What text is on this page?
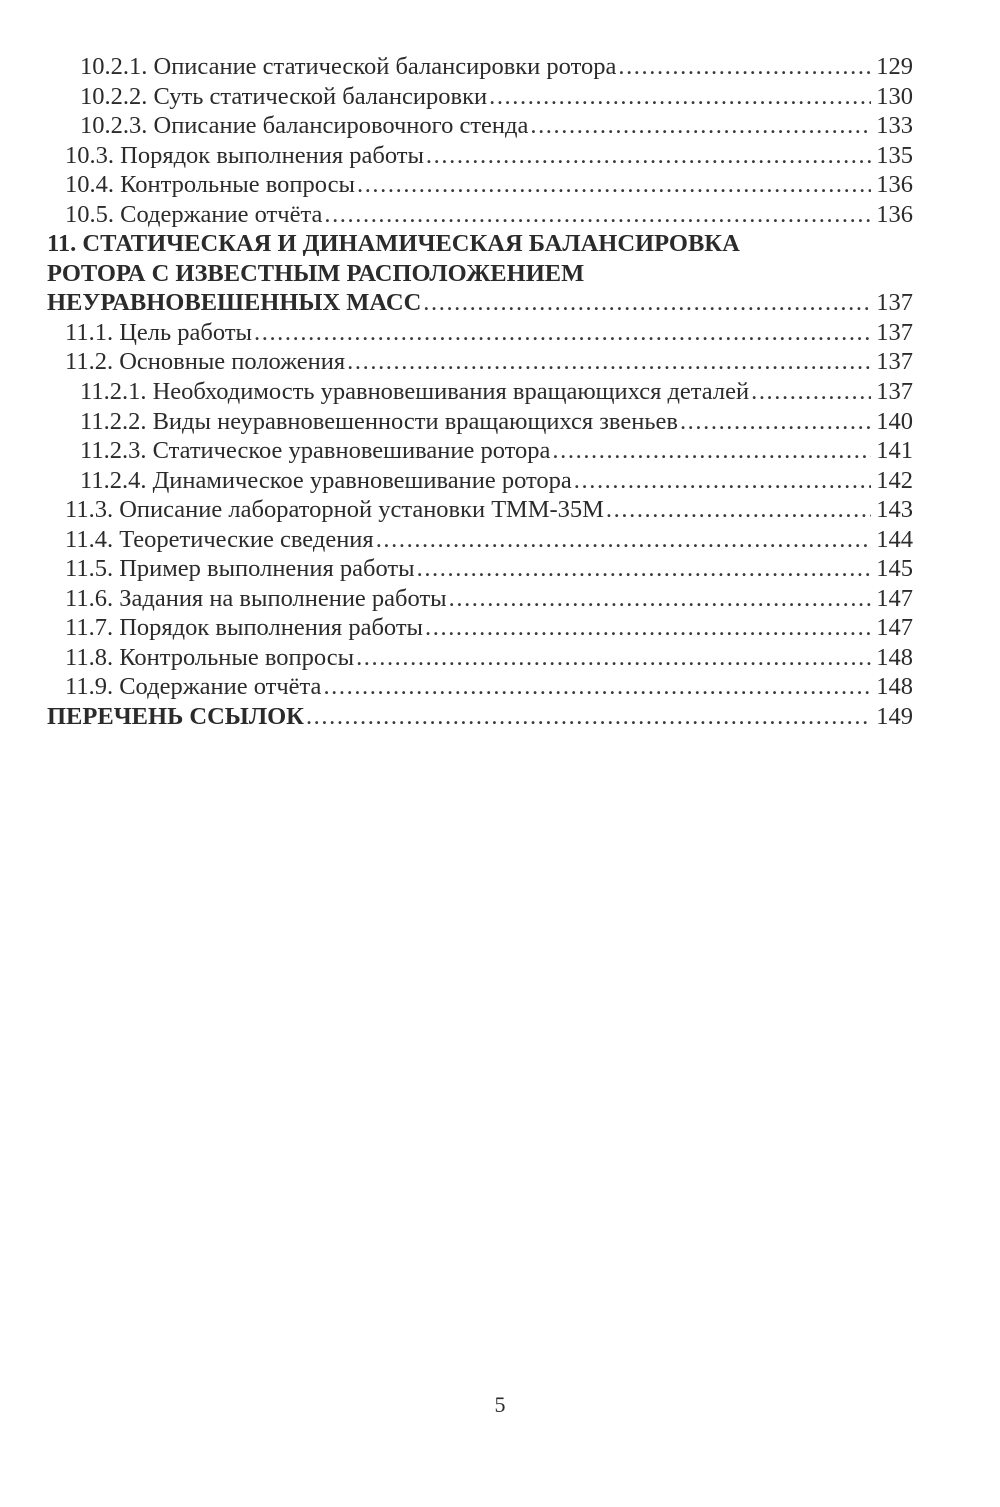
10.2.1. Описание статической балансировки ротора .....	129
10.2.2. Суть статической балансировки .....	130
10.2.3. Описание балансировочного стенда .....	133
10.3. Порядок выполнения работы .....	135
10.4. Контрольные вопросы .....	136
10.5. Содержание отчёта .....	136
11. СТАТИЧЕСКАЯ И ДИНАМИЧЕСКАЯ БАЛАНСИРОВКА
РОТОРА С ИЗВЕСТНЫМ РАСПОЛОЖЕНИЕМ
НЕУРАВНОВЕШЕННЫХ МАСС .....	137
11.1. Цель работы .....	137
11.2. Основные положения .....	137
11.2.1. Необходимость уравновешивания вращающихся деталей .....	137
11.2.2. Виды неуравновешенности вращающихся звеньев .....	140
11.2.3. Статическое уравновешивание ротора .....	141
11.2.4. Динамическое уравновешивание ротора .....	142
11.3. Описание лабораторной установки ТММ-35М .....	143
11.4. Теоретические сведения .....	144
11.5. Пример выполнения работы .....	145
11.6. Задания на выполнение работы .....	147
11.7. Порядок выполнения работы .....	147
11.8. Контрольные вопросы .....	148
11.9. Содержание отчёта .....	148
ПЕРЕЧЕНЬ ССЫЛОК .....	149
5
